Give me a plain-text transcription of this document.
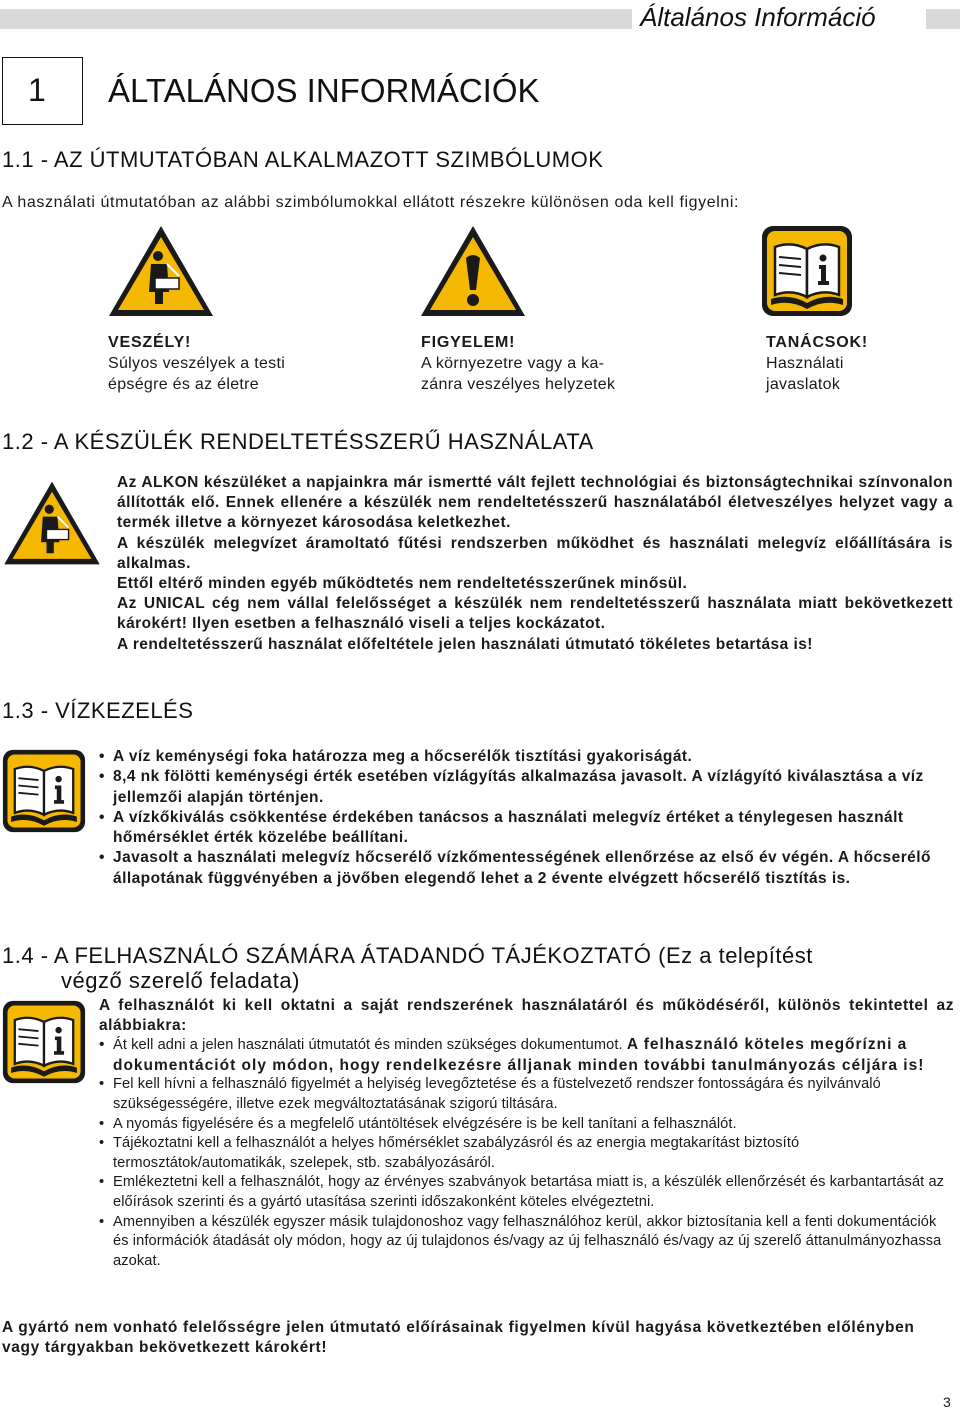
Általános Információ
1 ÁLTALÁNOS INFORMÁCIÓK
1.1 - AZ ÚTMUTATÓBAN ALKALMAZOTT SZIMBÓLUMOK
A használati útmutatóban az alábbi szimbólumokkal ellátott részekre különösen oda kell figyelni:
VESZÉLY!
Súlyos veszélyek a testi
épségre és az életre
FIGYELEM!
A környezetre vagy a ka-
zánra veszélyes helyzetek
TANÁCSOK!
Használati
javaslatok
1.2 - A KÉSZÜLÉK RENDELTETÉSSZERŰ HASZNÁLATA

Az ALKON készüléket a napjainkra már ismertté vált fejlett technológiai és biztonságtechnikai színvonalon állították elő. Ennek ellenére a készülék nem rendeltetésszerű használatából életveszélyes helyzet vagy a termék illetve a környezet károsodása keletkezhet.

A készülék melegvízet áramoltató fűtési rendszerben működhet és használati melegvíz előállítására is alkalmas.

Ettől eltérő minden egyéb működtetés nem rendeltetésszerűnek minősül.

Az UNICAL cég nem vállal felelősséget a készülék nem rendeltetésszerű használata miatt bekövetkezett károkért! Ilyen esetben a felhasználó viseli a teljes kockázatot.

A rendeltetésszerű használat előfeltétele jelen használati útmutató tökéletes betartása is!

1.3 - VÍZKEZELÉS
• A víz keménységi foka határozza meg a hőcserélők tisztítási gyakoriságát.
• 8,4 nk fölötti keménységi érték esetében vízlágyítás alkalmazása javasolt. A vízlágyító kiválasztása a víz jellemzői alapján történjen.
• A vízkőkiválás csökkentése érdekében tanácsos a használati melegvíz értéket a ténylegesen használt hőmérséklet érték közelébe beállítani.
• Javasolt a használati melegvíz hőcserélő vízkőmentességének ellenőrzése az első év végén. A hőcserélő állapotának függvényében a jövőben elegendő lehet a 2 évente elvégzett hőcserélő tisztítás is.
1.4 - A FELHASZNÁLÓ SZÁMÁRA ÁTADANDÓ TÁJÉKOZTATÓ (Ez a telepítést
végző szerelő feladata)

A felhasználót ki kell oktatni a saját rendszerének használatáról és működéséről, különös tekintettel az alábbiakra:

• Át kell adni a jelen használati útmutatót és minden szükséges dokumentumot. A felhasználó köteles megőrízni a dokumentációt oly módon, hogy rendelkezésre álljanak minden további tanulmányozás céljára is!
• Fel kell hívni a felhasználó figyelmét a helyiség levegőztetése és a füstelvezető rendszer fontosságára és nyilvánvaló szükségességére, illetve ezek megváltoztatásának szigorú tiltására.
• A nyomás figyelésére és a megfelelő utántöltések elvégzésére is be kell tanítani a felhasználót.
• Tájékoztatni kell a felhasználót a helyes hőmérséklet szabályzásról és az energia megtakarítást biztosító termosztátok/automatikák, szelepek, stb. szabályozásáról.
• Emlékeztetni kell a felhasználót, hogy az érvényes szabványok betartása miatt is, a készülék ellenőrzését és karbantartását az előírások szerinti és a gyártó utasítása szerinti időszakonként köteles elvégeztetni.
• Amennyiben a készülék egyszer másik tulajdonoshoz vagy felhasználóhoz kerül, akkor biztosítania kell a fenti dokumentációk és információk átadását oly módon, hogy az új tulajdonos és/vagy az új felhasználó és/vagy az új szerelő áttanulmányozhassa azokat.
A gyártó nem vonható felelősségre jelen útmutató előírásainak figyelmen kívül hagyása következtében előlényben vagy tárgyakban bekövetkezett károkért!
3
